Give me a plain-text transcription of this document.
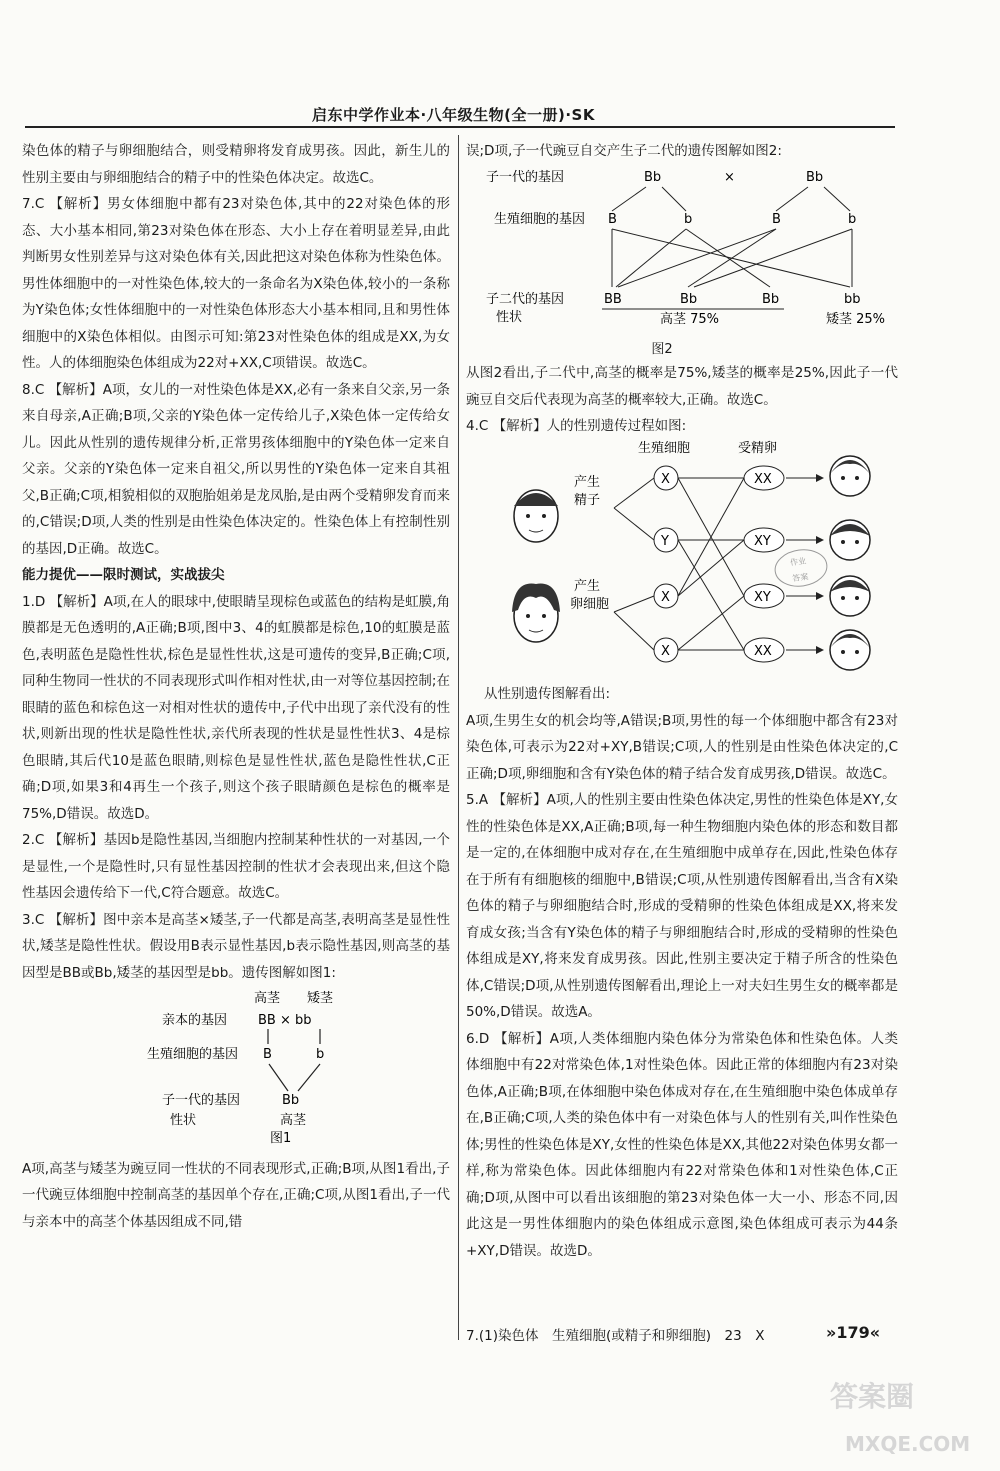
启东中学作业本·八年级生物(全一册)·SK

染色体的精子与卵细胞结合，则受精卵将发育成男孩。因此，新生儿的性别主要由与卵细胞结合的精子中的性染色体决定。故选C。

7.C 【解析】男女体细胞中都有23对染色体,其中的22对染色体的形态、大小基本相同,第23对染色体在形态、大小上存在着明显差异,由此判断男女性别差异与这对染色体有关,因此把这对染色体称为性染色体。男性体细胞中的一对性染色体,较大的一条命名为X染色体,较小的一条称为Y染色体;女性体细胞中的一对性染色体形态大小基本相同,且和男性体细胞中的X染色体相似。由图示可知:第23对性染色体的组成是XX,为女性。人的体细胞染色体组成为22对+XX,C项错误。故选C。

8.C 【解析】A项，女儿的一对性染色体是XX,必有一条来自父亲,另一条来自母亲,A正确;B项,父亲的Y染色体一定传给儿子,X染色体一定传给女儿。因此从性别的遗传规律分析,正常男孩体细胞中的Y染色体一定来自父亲。父亲的Y染色体一定来自祖父,所以男性的Y染色体一定来自其祖父,B正确;C项,相貌相似的双胞胎姐弟是龙凤胎,是由两个受精卵发育而来的,C错误;D项,人类的性别是由性染色体决定的。性染色体上有控制性别的基因,D正确。故选C。

能力提优——限时测试，实战拔尖

1.D 【解析】A项,在人的眼球中,使眼睛呈现棕色或蓝色的结构是虹膜,角膜都是无色透明的,A正确;B项,图中3、4的虹膜都是棕色,10的虹膜是蓝色,表明蓝色是隐性性状,棕色是显性性状,这是可遗传的变异,B正确;C项,同种生物同一性状的不同表现形式叫作相对性状,由一对等位基因控制;在眼睛的蓝色和棕色这一对相对性状的遗传中,子代中出现了亲代没有的性状,则新出现的性状是隐性性状,亲代所表现的性状是显性性状3、4是棕色眼睛,其后代10是蓝色眼睛,则棕色是显性性状,蓝色是隐性性状,C正确;D项,如果3和4再生一个孩子,则这个孩子眼睛颜色是棕色的概率是75%,D错误。故选D。

2.C 【解析】基因b是隐性基因,当细胞内控制某种性状的一对基因,一个是显性,一个是隐性时,只有显性基因控制的性状才会表现出来,但这个隐性基因会遗传给下一代,C符合题意。故选C。

3.C 【解析】图中亲本是高茎×矮茎,子一代都是高茎,表明高茎是显性性状,矮茎是隐性性状。假设用B表示显性基因,b表示隐性基因,则高茎的基因型是BB或Bb,矮茎的基因型是bb。遗传图解如图1:

高茎 矮茎
亲本的基因 BB × bb
生殖细胞的基因 B	b
子一代的基因	Bb
性状	高茎
图1

A项,高茎与矮茎为豌豆同一性状的不同表现形式,正确;B项,从图1看出,子一代豌豆体细胞中控制高茎的基因单个存在,正确;C项,从图1看出,子一代与亲本中的高茎个体基因组成不同,错

误;D项,子一代豌豆自交产生子二代的遗传图解如图2:

子一代的基因	Bb	×	Bb
生殖细胞的基因 B	b	B	b
子二代的基因	BB	Bb	Bb	bb
性状	高茎 75%	矮茎 25%
图2

从图2看出,子二代中,高茎的概率是75%,矮茎的概率是25%,因此子一代豌豆自交后代表现为高茎的概率较大,正确。故选C。

4.C 【解析】人的性别遗传过程如图:

生殖细胞	受精卵
产生
精子
产生
卵细胞
X
Y
X
X
XX
XY
XY
XX
作业
答案

从性别遗传图解看出:

A项,生男生女的机会均等,A错误;B项,男性的每一个体细胞中都含有23对染色体,可表示为22对+XY,B错误;C项,人的性别是由性染色体决定的,C正确;D项,卵细胞和含有Y染色体的精子结合发育成男孩,D错误。故选C。

5.A 【解析】A项,人的性别主要由性染色体决定,男性的性染色体是XY,女性的性染色体是XX,A正确;B项,每一种生物细胞内染色体的形态和数目都是一定的,在体细胞中成对存在,在生殖细胞中成单存在,因此,性染色体存在于所有有细胞核的细胞中,B错误;C项,从性别遗传图解看出,当含有X染色体的精子与卵细胞结合时,形成的受精卵的性染色体组成是XX,将来发育成女孩;当含有Y染色体的精子与卵细胞结合时,形成的受精卵的性染色体组成是XY,将来发育成男孩。因此,性别主要决定于精子所含的性染色体,C错误;D项,从性别遗传图解看出,理论上一对夫妇生男生女的概率都是50%,D错误。故选A。

6.D 【解析】A项,人类体细胞内染色体分为常染色体和性染色体。人类体细胞中有22对常染色体,1对性染色体。因此正常的体细胞内有23对染色体,A正确;B项,在体细胞中染色体成对存在,在生殖细胞中染色体成单存在,B正确;C项,人类的染色体中有一对染色体与人的性别有关,叫作性染色体;男性的性染色体是XY,女性的性染色体是XX,其他22对染色体男女都一样,称为常染色体。因此体细胞内有22对常染色体和1对性染色体,C正确;D项,从图中可以看出该细胞的第23对染色体一大一小、形态不同,因此这是一男性体细胞内的染色体组成示意图,染色体组成可表示为44条+XY,D错误。故选D。

7.(1)染色体　生殖细胞(或精子和卵细胞)　23　X	»179«
答案圈
MXQE.COM
